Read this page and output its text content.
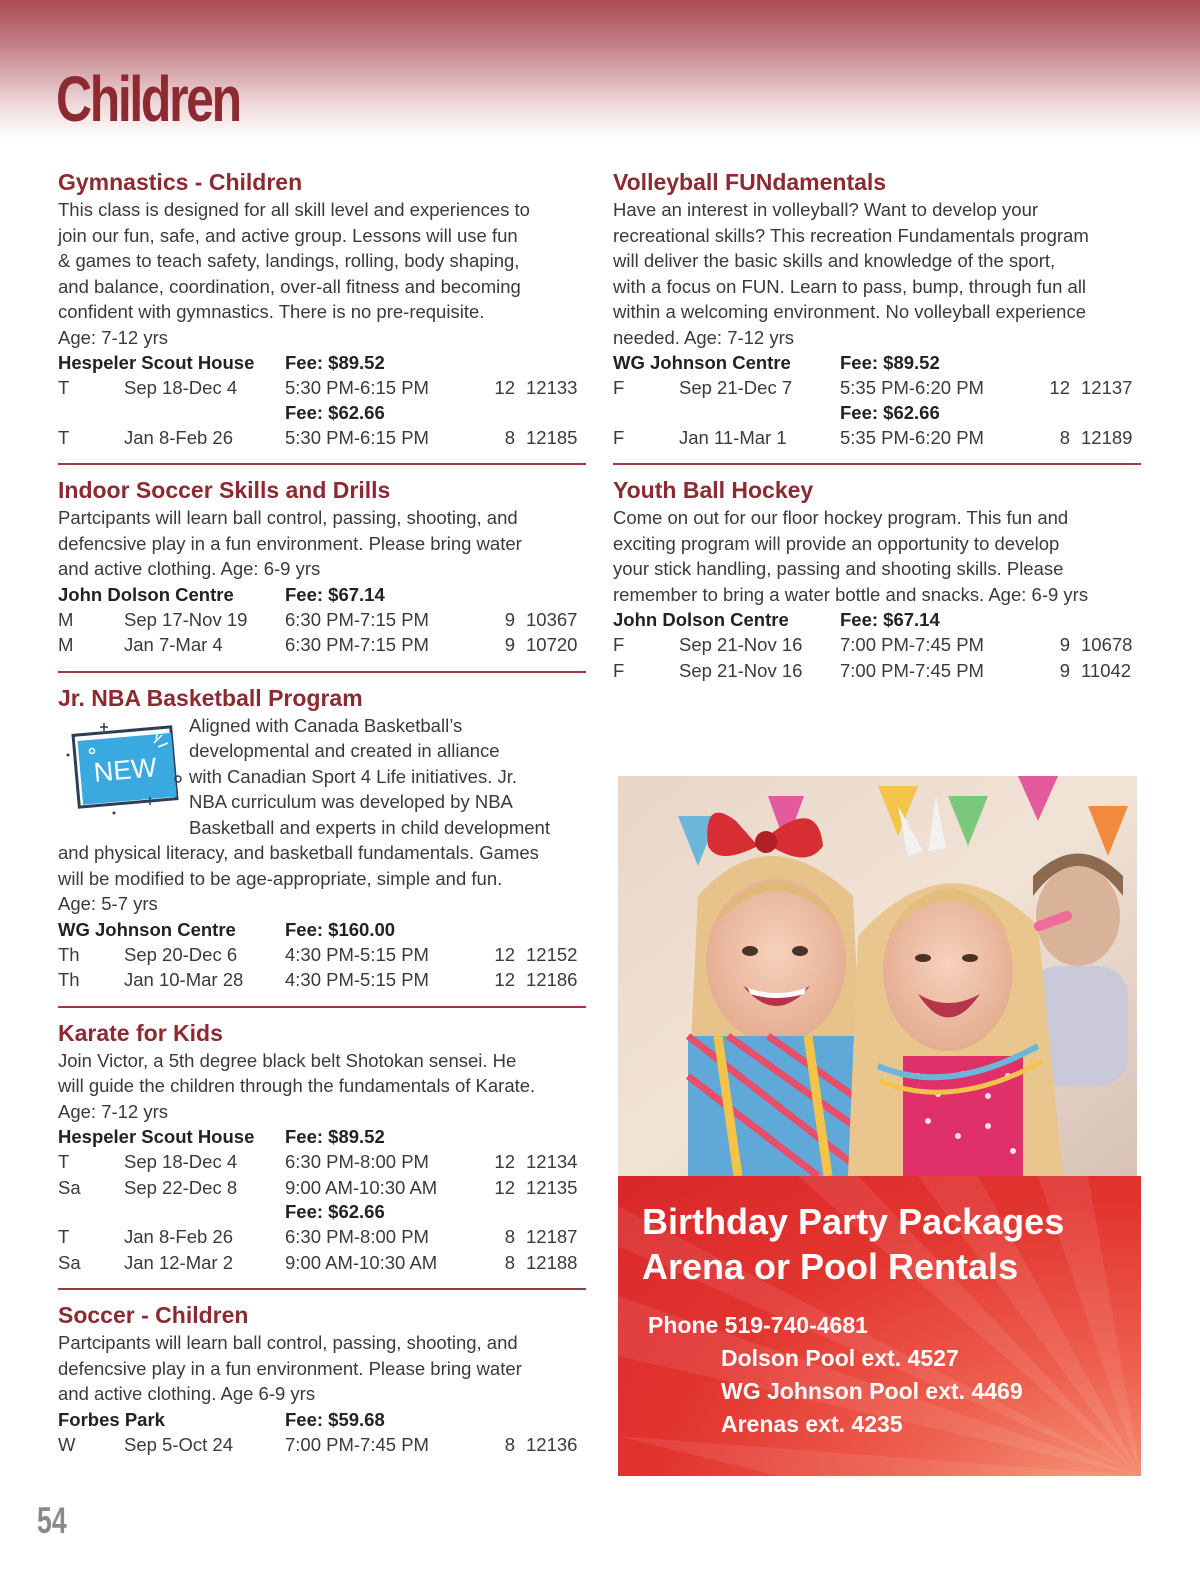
Children
Gymnastics - Children
This class is designed for all skill level and experiences to
join our fun, safe, and active group. Lessons will use fun
& games to teach safety, landings, rolling, body shaping,
and balance, coordination, over-all fitness and becoming
confident with gymnastics. There is no pre-requisite.
Age: 7-12 yrs
Hespeler Scout House	Fee: $89.52
T	Sep 18-Dec 4	5:30 PM-6:15 PM	12 12133
Fee: $62.66
T	Jan 8-Feb 26	5:30 PM-6:15 PM	8 12185
Indoor Soccer Skills and Drills
Partcipants will learn ball control, passing, shooting, and
defencsive play in a fun environment. Please bring water
and active clothing. Age: 6-9 yrs
John Dolson Centre	Fee: $67.14
M	Sep 17-Nov 19	6:30 PM-7:15 PM	9 10367
M	Jan 7-Mar 4	6:30 PM-7:15 PM	9 10720
Jr. NBA Basketball Program
NEW
Aligned with Canada Basketball’s
developmental and created in alliance
with Canadian Sport 4 Life initiatives. Jr.
NBA curriculum was developed by NBA
Basketball and experts in child development
and physical literacy, and basketball fundamentals. Games
will be modified to be age-appropriate, simple and fun.
Age: 5-7 yrs
WG Johnson Centre	Fee: $160.00
Th	Sep 20-Dec 6	4:30 PM-5:15 PM	12 12152
Th	Jan 10-Mar 28	4:30 PM-5:15 PM	12 12186
Karate for Kids
Join Victor, a 5th degree black belt Shotokan sensei. He
will guide the children through the fundamentals of Karate.
Age: 7-12 yrs
Hespeler Scout House	Fee: $89.52
T	Sep 18-Dec 4	6:30 PM-8:00 PM	12 12134
Sa	Sep 22-Dec 8	9:00 AM-10:30 AM	12 12135
Fee: $62.66
T	Jan 8-Feb 26	6:30 PM-8:00 PM	8 12187
Sa	Jan 12-Mar 2	9:00 AM-10:30 AM	8 12188
Soccer - Children
Partcipants will learn ball control, passing, shooting, and
defencsive play in a fun environment. Please bring water
and active clothing. Age 6-9 yrs
Forbes Park	Fee: $59.68
W	Sep 5-Oct 24	7:00 PM-7:45 PM	8 12136
Volleyball FUNdamentals
Have an interest in volleyball? Want to develop your
recreational skills? This recreation Fundamentals program
will deliver the basic skills and knowledge of the sport,
with a focus on FUN. Learn to pass, bump, through fun all
within a welcoming environment. No volleyball experience
needed. Age: 7-12 yrs
WG Johnson Centre	Fee: $89.52
F	Sep 21-Dec 7	5:35 PM-6:20 PM	12 12137
Fee: $62.66
F	Jan 11-Mar 1	5:35 PM-6:20 PM	8 12189
Youth Ball Hockey
Come on out for our floor hockey program. This fun and
exciting program will provide an opportunity to develop
your stick handling, passing and shooting skills. Please
remember to bring a water bottle and snacks. Age: 6-9 yrs
John Dolson Centre	Fee: $67.14
F	Sep 21-Nov 16	7:00 PM-7:45 PM	9 10678
F	Sep 21-Nov 16	7:00 PM-7:45 PM	9 11042
Birthday Party Packages
Arena or Pool Rentals
Phone 519-740-4681
Dolson Pool ext. 4527
WG Johnson Pool ext. 4469
Arenas ext. 4235
54
